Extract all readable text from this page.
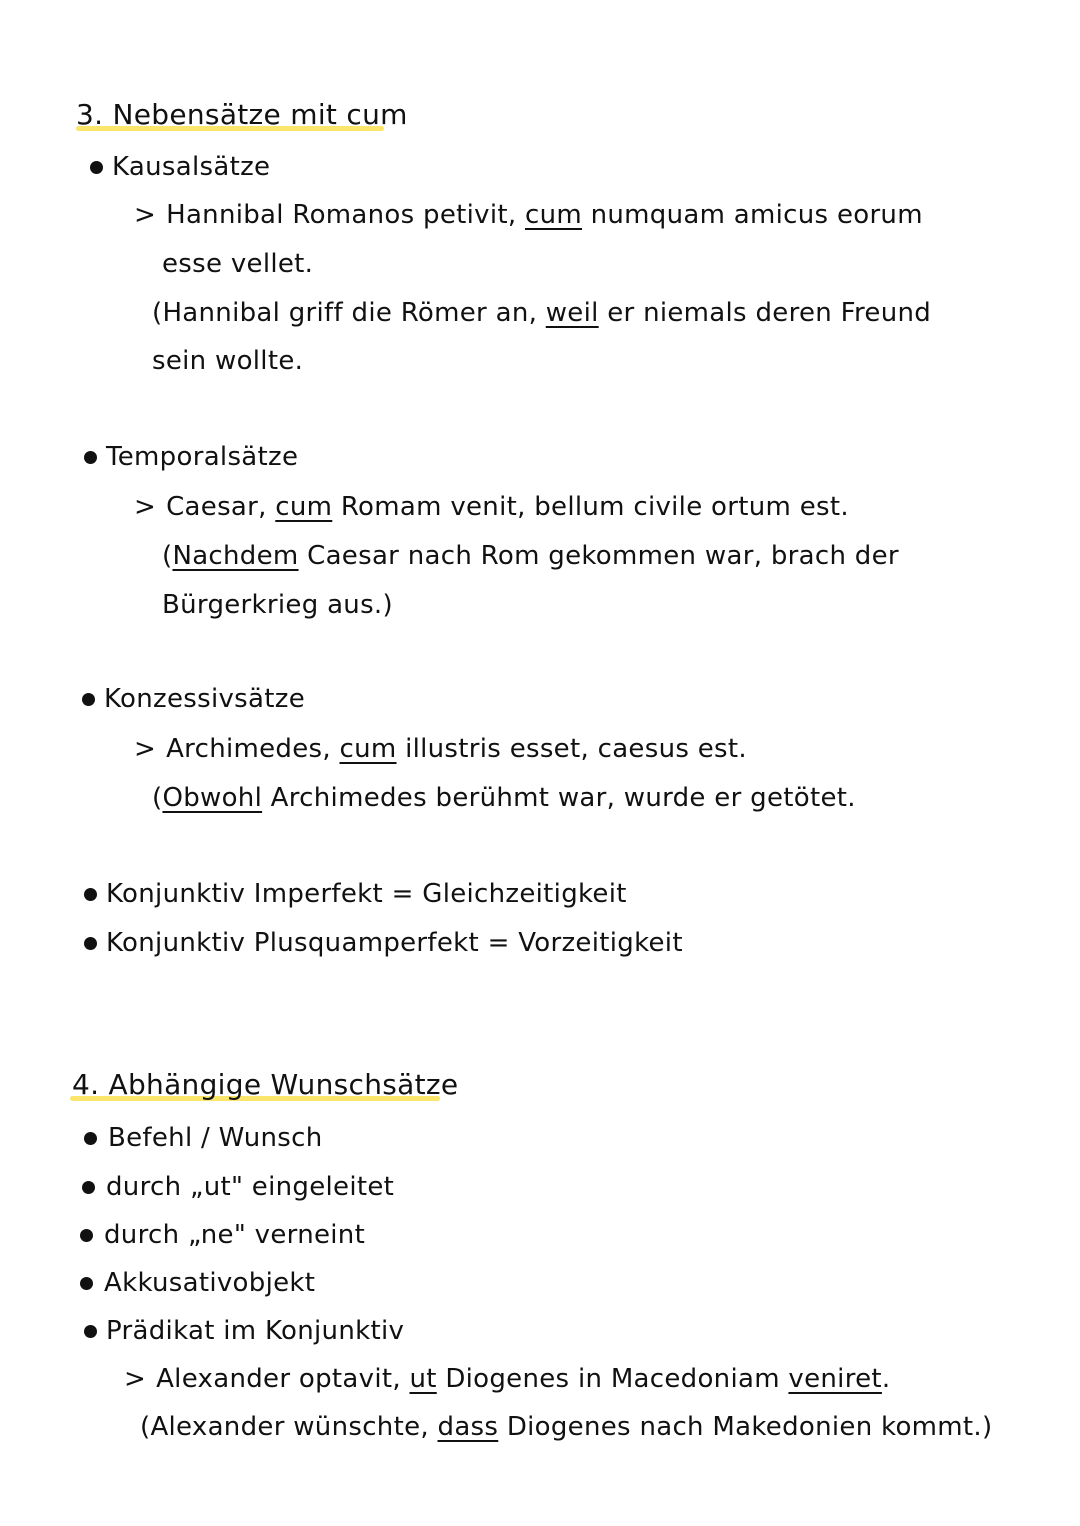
3. Nebensätze mit cum
Kausalsätze
> Hannibal Romanos petivit, cum numquam amicus eorum
esse vellet.
(Hannibal griff die Römer an, weil er niemals deren Freund
sein wollte.
Temporalsätze
> Caesar, cum Romam venit, bellum civile ortum est.
(Nachdem Caesar nach Rom gekommen war, brach der
Bürgerkrieg aus.)
Konzessivsätze
> Archimedes, cum illustris esset, caesus est.
(Obwohl Archimedes berühmt war, wurde er getötet.
Konjunktiv Imperfekt = Gleichzeitigkeit
Konjunktiv Plusquamperfekt = Vorzeitigkeit
4. Abhängige Wunschsätze
Befehl / Wunsch
durch „ut" eingeleitet
durch „ne" verneint
Akkusativobjekt
Prädikat im Konjunktiv
> Alexander optavit, ut Diogenes in Macedoniam veniret.
(Alexander wünschte, dass Diogenes nach Makedonien kommt.)
